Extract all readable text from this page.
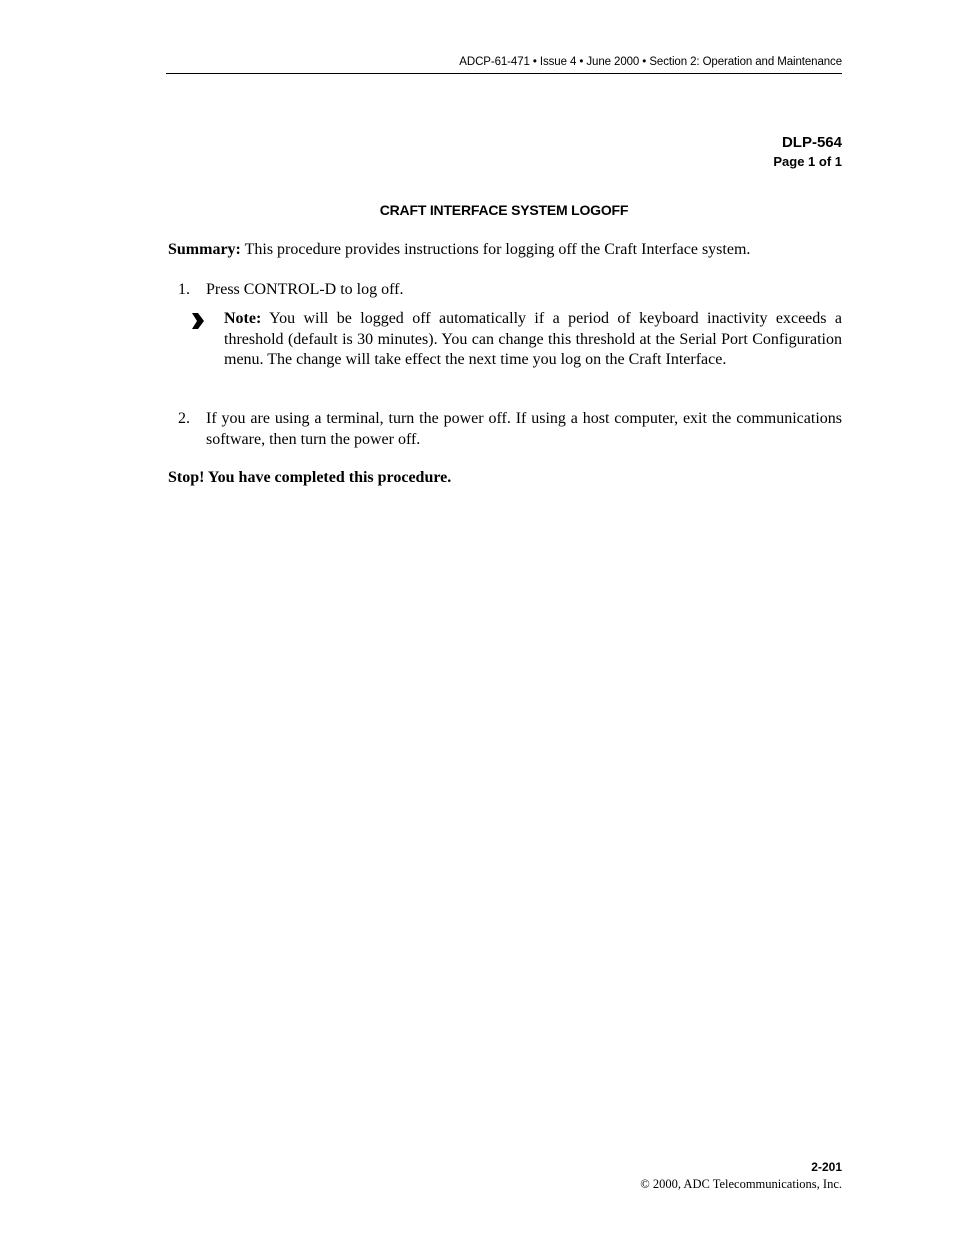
ADCP-61-471 • Issue 4 • June 2000 • Section 2: Operation and Maintenance
DLP-564
Page 1 of 1
CRAFT INTERFACE SYSTEM LOGOFF
Summary: This procedure provides instructions for logging off the Craft Interface system.
1. Press CONTROL-D to log off.
Note: You will be logged off automatically if a period of keyboard inactivity exceeds a threshold (default is 30 minutes). You can change this threshold at the Serial Port Configuration menu. The change will take effect the next time you log on the Craft Interface.
2. If you are using a terminal, turn the power off. If using a host computer, exit the communications software, then turn the power off.
Stop! You have completed this procedure.
2-201
© 2000, ADC Telecommunications, Inc.
